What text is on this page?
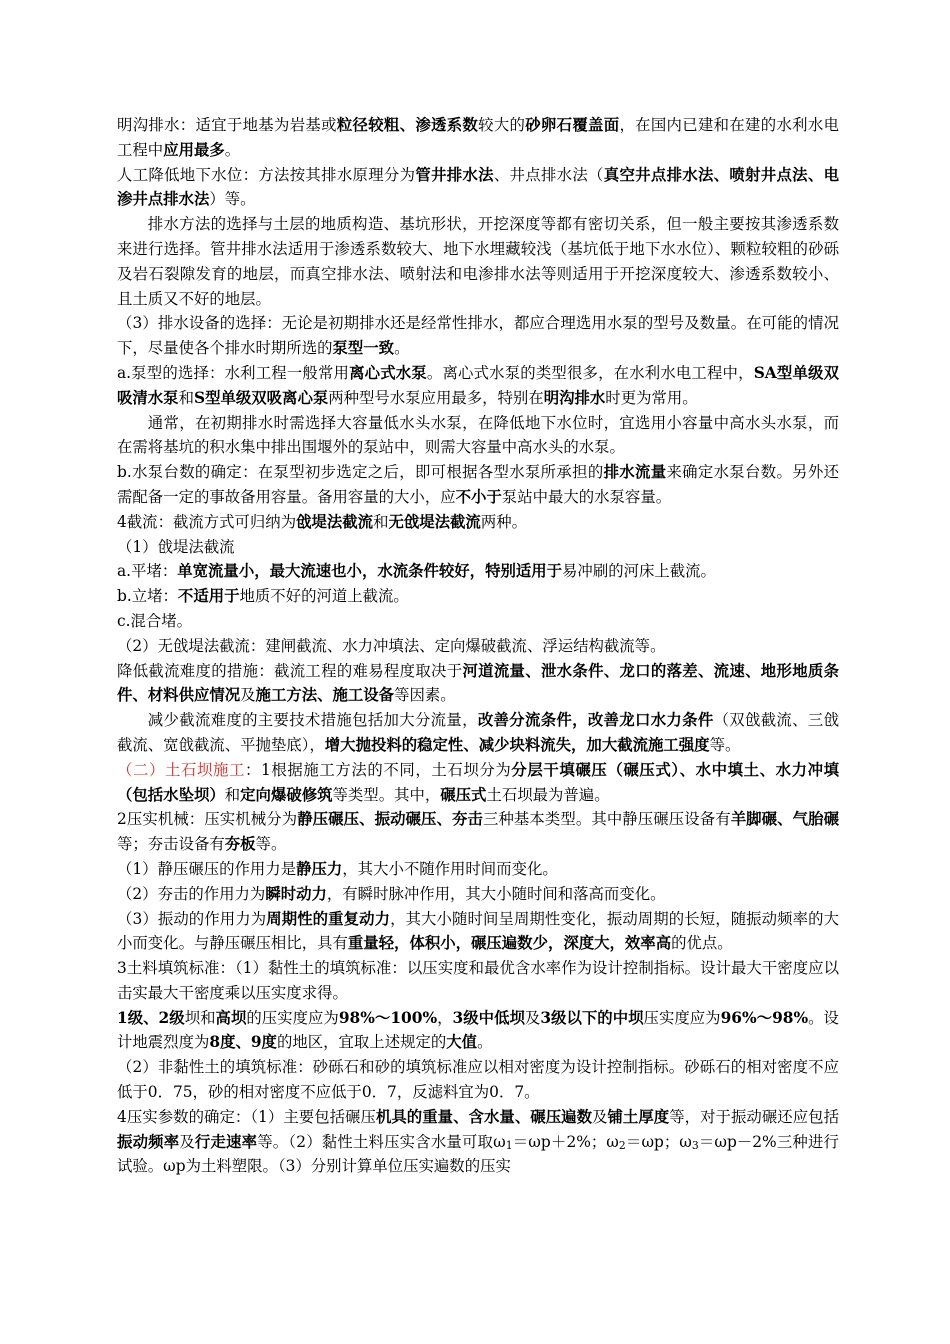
明沟排水：适宜于地基为岩基或粒径较粗、渗透系数较大的砂卵石覆盖面，在国内已建和在建的水利水电工程中应用最多。

人工降低地下水位：方法按其排水原理分为管井排水法、井点排水法（真空井点排水法、喷射井点法、电渗井点排水法）等。

排水方法的选择与土层的地质构造、基坑形状，开挖深度等都有密切关系，但一般主要按其渗透系数来进行选择。管井排水法适用于渗透系数较大、地下水埋藏较浅（基坑低于地下水水位）、颗粒较粗的砂砾及岩石裂隙发育的地层，而真空排水法、喷射法和电渗排水法等则适用于开挖深度较大、渗透系数较小、且土质又不好的地层。

（3）排水设备的选择：无论是初期排水还是经常性排水，都应合理选用水泵的型号及数量。在可能的情况下，尽量使各个排水时期所选的泵型一致。

a.泵型的选择：水利工程一般常用离心式水泵。离心式水泵的类型很多，在水利水电工程中，SA型单级双吸清水泵和S型单级双吸离心泵两种型号水泵应用最多，特别在明沟排水时更为常用。

通常，在初期排水时需选择大容量低水头水泵，在降低地下水位时，宜选用小容量中高水头水泵，而在需将基坑的积水集中排出围堰外的泵站中，则需大容量中高水头的水泵。

b.水泵台数的确定：在泵型初步选定之后，即可根据各型水泵所承担的排水流量来确定水泵台数。另外还需配备一定的事故备用容量。备用容量的大小，应不小于泵站中最大的水泵容量。

4截流：截流方式可归纳为戗堤法截流和无戗堤法截流两种。

（1）戗堤法截流

a.平堵：单宽流量小，最大流速也小，水流条件较好，特别适用于易冲刷的河床上截流。

b.立堵：不适用于地质不好的河道上截流。

c.混合堵。

（2）无戗堤法截流：建闸截流、水力冲填法、定向爆破截流、浮运结构截流等。

降低截流难度的措施：截流工程的难易程度取决于河道流量、泄水条件、龙口的落差、流速、地形地质条件、材料供应情况及施工方法、施工设备等因素。

减少截流难度的主要技术措施包括加大分流量，改善分流条件，改善龙口水力条件（双戗截流、三戗截流、宽戗截流、平抛垫底），增大抛投料的稳定性、减少块料流失，加大截流施工强度等。

（二）土石坝施工：1根据施工方法的不同，土石坝分为分层干填碾压（碾压式）、水中填土、水力冲填（包括水坠坝）和定向爆破修筑等类型。其中，碾压式土石坝最为普遍。

2压实机械：压实机械分为静压碾压、振动碾压、夯击三种基本类型。其中静压碾压设备有羊脚碾、气胎碾等；夯击设备有夯板等。

（1）静压碾压的作用力是静压力，其大小不随作用时间而变化。

（2）夯击的作用力为瞬时动力，有瞬时脉冲作用，其大小随时间和落高而变化。

（3）振动的作用力为周期性的重复动力，其大小随时间呈周期性变化，振动周期的长短，随振动频率的大小而变化。与静压碾压相比，具有重量轻，体积小，碾压遍数少，深度大，效率高的优点。

3土料填筑标准：（1）黏性土的填筑标准：以压实度和最优含水率作为设计控制指标。设计最大干密度应以击实最大干密度乘以压实度求得。

1级、2级坝和高坝的压实度应为98%～100%，3级中低坝及3级以下的中坝压实度应为96%～98%。设计地震烈度为8度、9度的地区，宜取上述规定的大值。

（2）非黏性土的填筑标准：砂砾石和砂的填筑标准应以相对密度为设计控制指标。砂砾石的相对密度不应低于0．75，砂的相对密度不应低于0．7，反滤料宜为0．7。

4压实参数的确定：（1）主要包括碾压机具的重量、含水量、碾压遍数及铺土厚度等，对于振动碾还应包括振动频率及行走速率等。（2）黏性土料压实含水量可取$\omega_1=\omega p+2\%$；$\omega_2=\omega p$；$\omega_3=\omega p-2\%$三种进行试验。ωp为土料塑限。（3）分别计算单位压实遍数的压实
